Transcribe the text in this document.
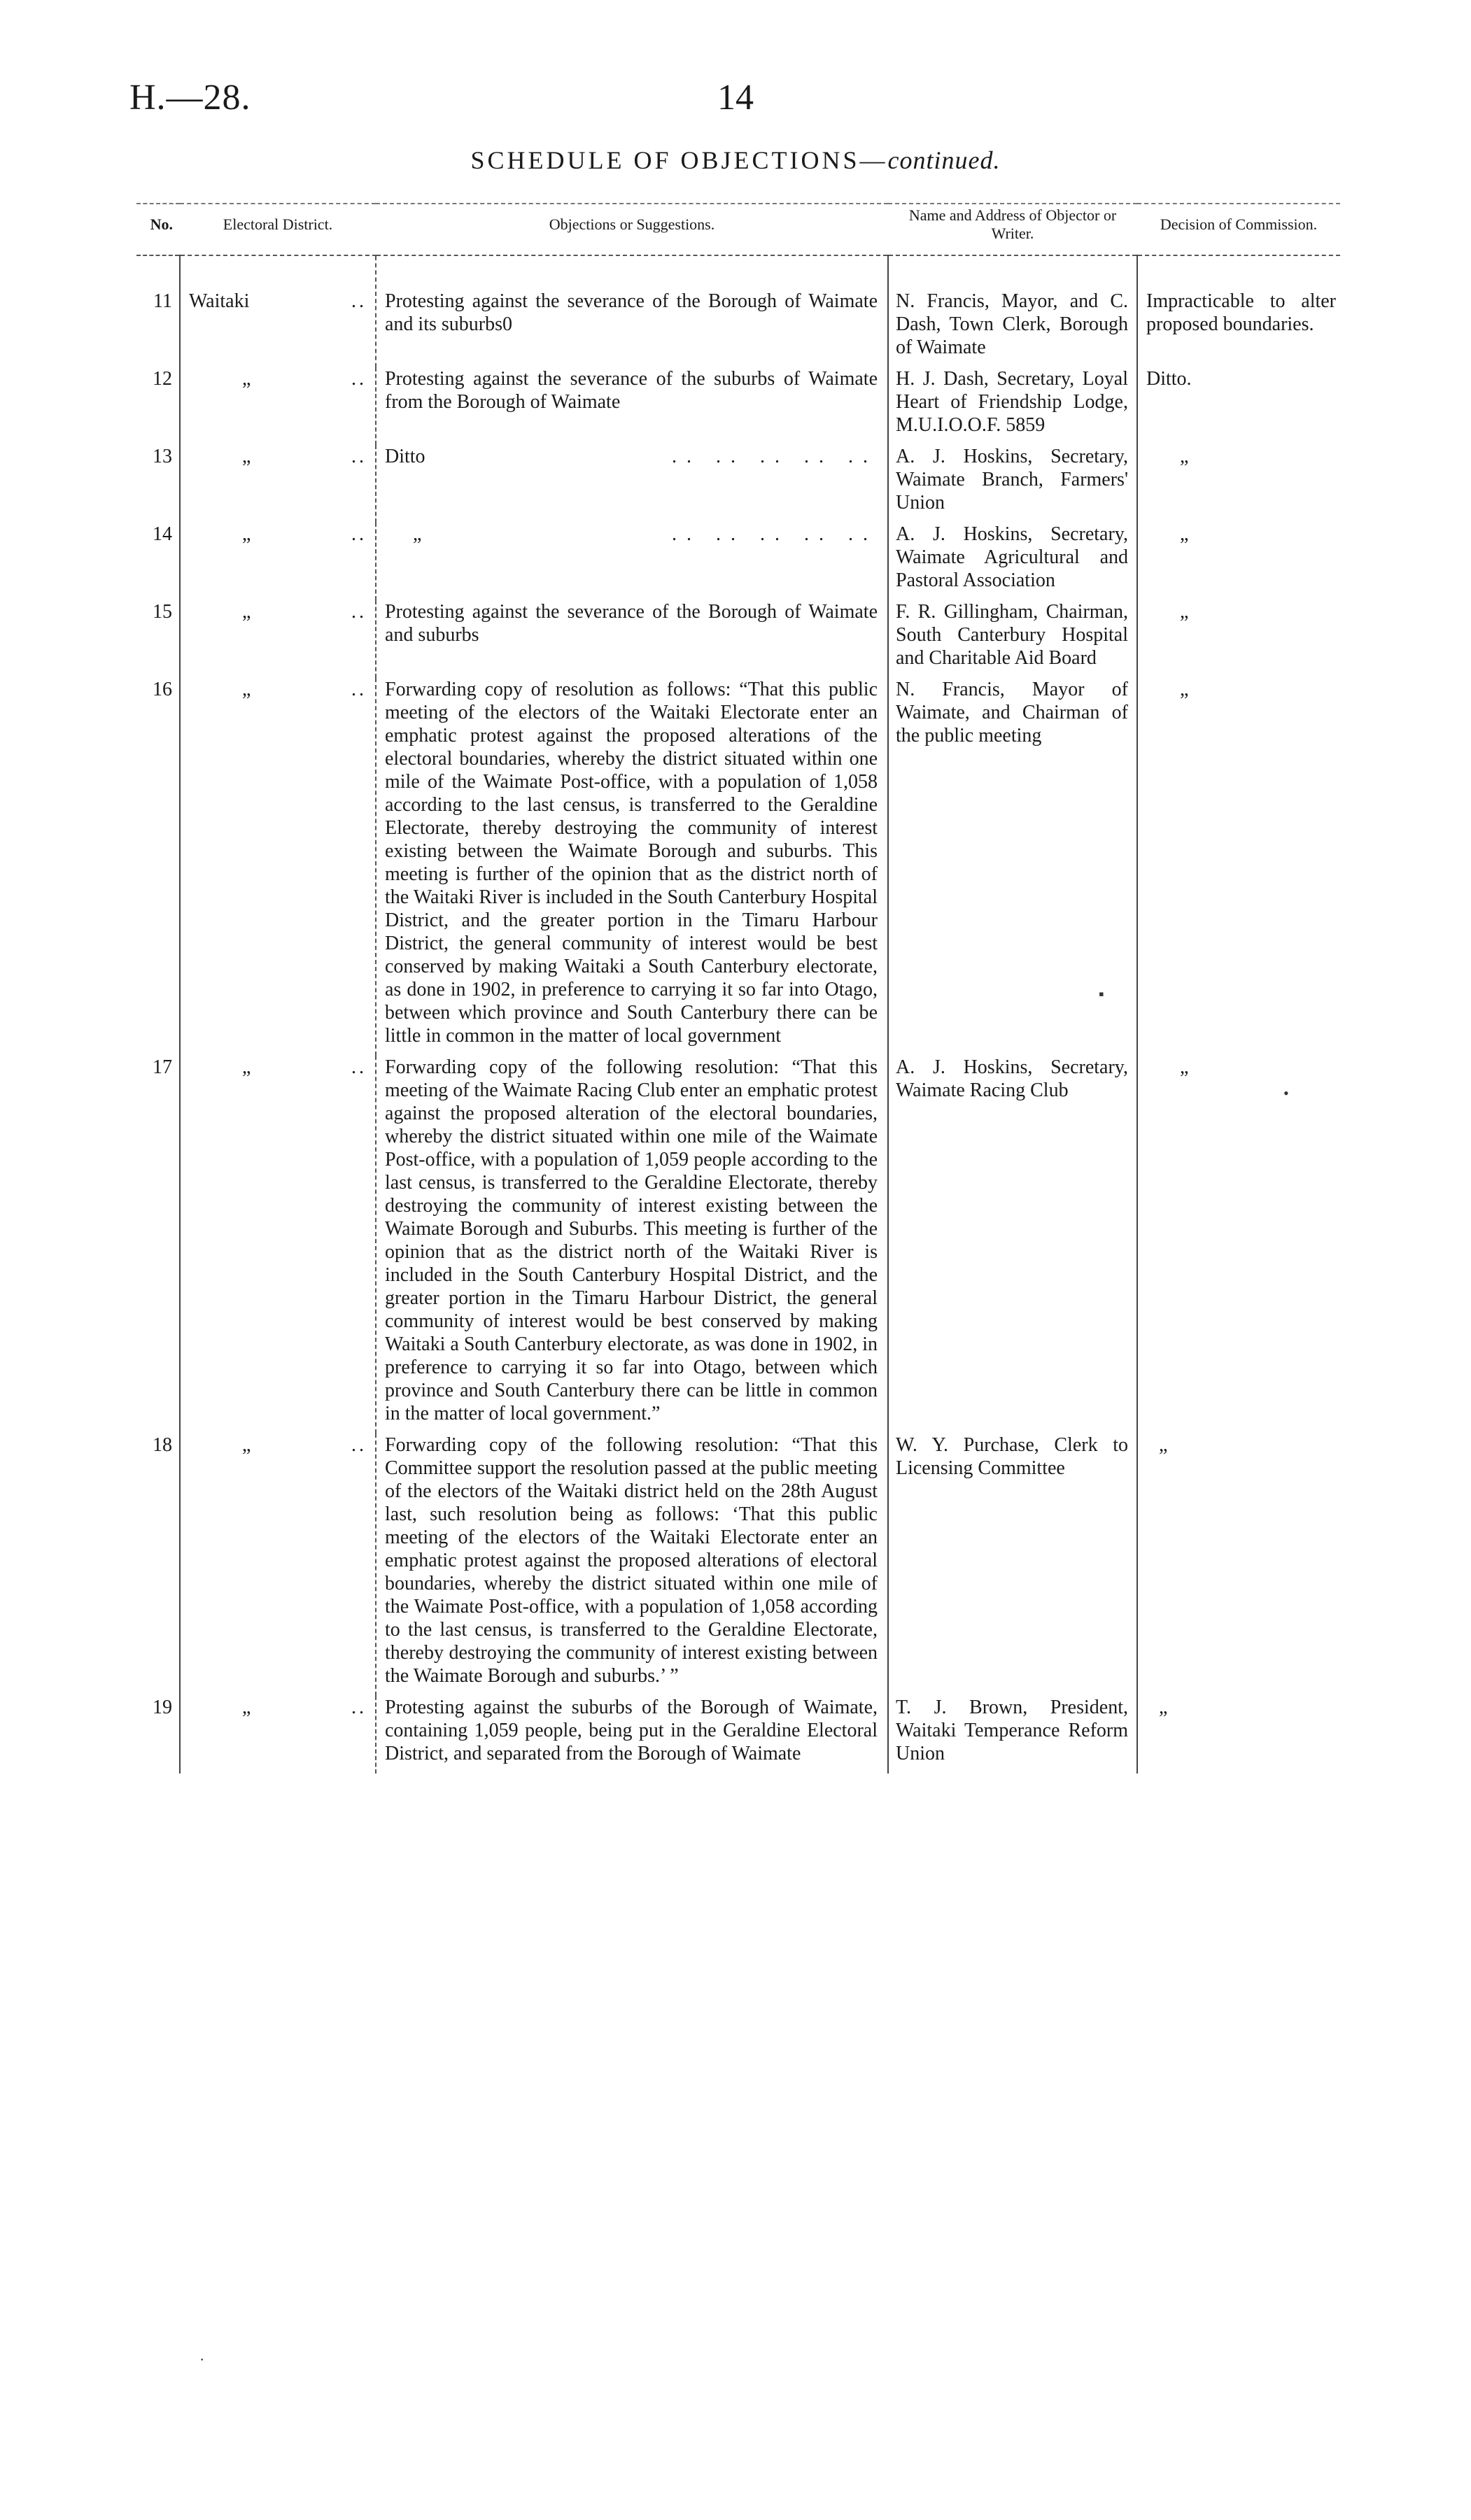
H.—28.	14
SCHEDULE OF OBJECTIONS—continued.
No.	Electoral District.	Objections or Suggestions.	Name and Address of Objector or Writer.	Decision of Commission.
11	Waitaki ..	Protesting against the severance of the Borough of Waimate and its suburbs0	N. Francis, Mayor, and C. Dash, Town Clerk, Borough of Waimate	Impracticable to alter proposed boundaries.
12	„ ..	Protesting against the severance of the suburbs of Waimate from the Borough of Waimate	H. J. Dash, Secretary, Loyal Heart of Friendship Lodge, M.U.I.O.O.F. 5859	Ditto.
13	„ ..	Ditto .. .. .. .. ..	A. J. Hoskins, Secretary, Waimate Branch, Farmers' Union	„
14	„ ..	„ .. .. .. .. ..	A. J. Hoskins, Secretary, Waimate Agricultural and Pastoral Association	„
15	„ ..	Protesting against the severance of the Borough of Waimate and suburbs	F. R. Gillingham, Chairman, South Canterbury Hospital and Charitable Aid Board	„
16	„ ..	Forwarding copy of resolution as follows: “That this public meeting of the electors of the Waitaki Electorate enter an emphatic protest against the proposed alterations of the electoral boundaries, whereby the district situated within one mile of the Waimate Post-office, with a population of 1,058 according to the last census, is transferred to the Geraldine Electorate, thereby destroying the community of interest existing between the Waimate Borough and suburbs. This meeting is further of the opinion that as the district north of the Waitaki River is included in the South Canterbury Hospital District, and the greater portion in the Timaru Harbour District, the general community of interest would be best conserved by making Waitaki a South Canterbury electorate, as done in 1902, in preference to carrying it so far into Otago, between which province and South Canterbury there can be little in common in the matter of local government	N. Francis, Mayor of Waimate, and Chairman of the public meeting	„
17	„ ..	Forwarding copy of the following resolution: “That this meeting of the Waimate Racing Club enter an emphatic protest against the proposed alteration of the electoral boundaries, whereby the district situated within one mile of the Waimate Post-office, with a population of 1,059 people according to the last census, is transferred to the Geraldine Electorate, thereby destroying the community of interest existing between the Waimate Borough and Suburbs. This meeting is further of the opinion that as the district north of the Waitaki River is included in the South Canterbury Hospital District, and the greater portion in the Timaru Harbour District, the general community of interest would be best conserved by making Waitaki a South Canterbury electorate, as was done in 1902, in preference to carrying it so far into Otago, between which province and South Canterbury there can be little in common in the matter of local government.”	A. J. Hoskins, Secretary, Waimate Racing Club	„
18	„ ..	Forwarding copy of the following resolution: “That this Committee support the resolution passed at the public meeting of the electors of the Waitaki district held on the 28th August last, such resolution being as follows: ‘That this public meeting of the electors of the Waitaki Electorate enter an emphatic protest against the proposed alterations of electoral boundaries, whereby the district situated within one mile of the Waimate Post-office, with a population of 1,058 according to the last census, is transferred to the Geraldine Electorate, thereby destroying the community of interest existing between the Waimate Borough and suburbs.’ ”	W. Y. Purchase, Clerk to Licensing Committee	„
19	„ ..	Protesting against the suburbs of the Borough of Waimate, containing 1,059 people, being put in the Geraldine Electoral District, and separated from the Borough of Waimate	T. J. Brown, President, Waitaki Temperance Reform Union	„
▪
•
·
